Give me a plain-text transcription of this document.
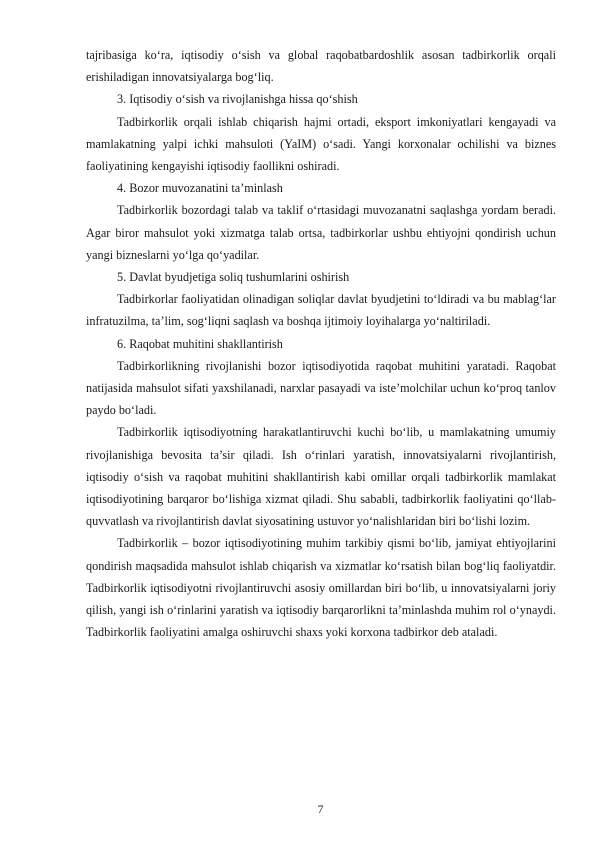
tajribasiga ko‘ra, iqtisodiy o‘sish va global raqobatbardoshlik asosan tadbirkorlik orqali erishiladigan innovatsiyalarga bog‘liq.

3. Iqtisodiy o‘sish va rivojlanishga hissa qo‘shish

Tadbirkorlik orqali ishlab chiqarish hajmi ortadi, eksport imkoniyatlari kengayadi va mamlakatning yalpi ichki mahsuloti (YaIM) o‘sadi. Yangi korxonalar ochilishi va biznes faoliyatining kengayishi iqtisodiy faollikni oshiradi.

4. Bozor muvozanatini ta’minlash

Tadbirkorlik bozordagi talab va taklif o‘rtasidagi muvozanatni saqlashga yordam beradi. Agar biror mahsulot yoki xizmatga talab ortsa, tadbirkorlar ushbu ehtiyojni qondirish uchun yangi bizneslarni yo‘lga qo‘yadilar.

5. Davlat byudjetiga soliq tushumlarini oshirish

Tadbirkorlar faoliyatidan olinadigan soliqlar davlat byudjetini to‘ldiradi va bu mablag‘lar infratuzilma, ta’lim, sog‘liqni saqlash va boshqa ijtimoiy loyihalarga yo‘naltiriladi.

6. Raqobat muhitini shakllantirish

Tadbirkorlikning rivojlanishi bozor iqtisodiyotida raqobat muhitini yaratadi. Raqobat natijasida mahsulot sifati yaxshilanadi, narxlar pasayadi va iste’molchilar uchun ko‘proq tanlov paydo bo‘ladi.

Tadbirkorlik iqtisodiyotning harakatlantiruvchi kuchi bo‘lib, u mamlakatning umumiy rivojlanishiga bevosita ta’sir qiladi. Ish o‘rinlari yaratish, innovatsiyalarni rivojlantirish, iqtisodiy o‘sish va raqobat muhitini shakllantirish kabi omillar orqali tadbirkorlik mamlakat iqtisodiyotining barqaror bo‘lishiga xizmat qiladi. Shu sababli, tadbirkorlik faoliyatini qo‘llab-quvvatlash va rivojlantirish davlat siyosatining ustuvor yo‘nalishlaridan biri bo‘lishi lozim.

Tadbirkorlik – bozor iqtisodiyotining muhim tarkibiy qismi bo‘lib, jamiyat ehtiyojlarini qondirish maqsadida mahsulot ishlab chiqarish va xizmatlar ko‘rsatish bilan bog‘liq faoliyatdir. Tadbirkorlik iqtisodiyotni rivojlantiruvchi asosiy omillardan biri bo‘lib, u innovatsiyalarni joriy qilish, yangi ish o‘rinlarini yaratish va iqtisodiy barqarorlikni ta’minlashda muhim rol o‘ynaydi. Tadbirkorlik faoliyatini amalga oshiruvchi shaxs yoki korxona tadbirkor deb ataladi.

7
